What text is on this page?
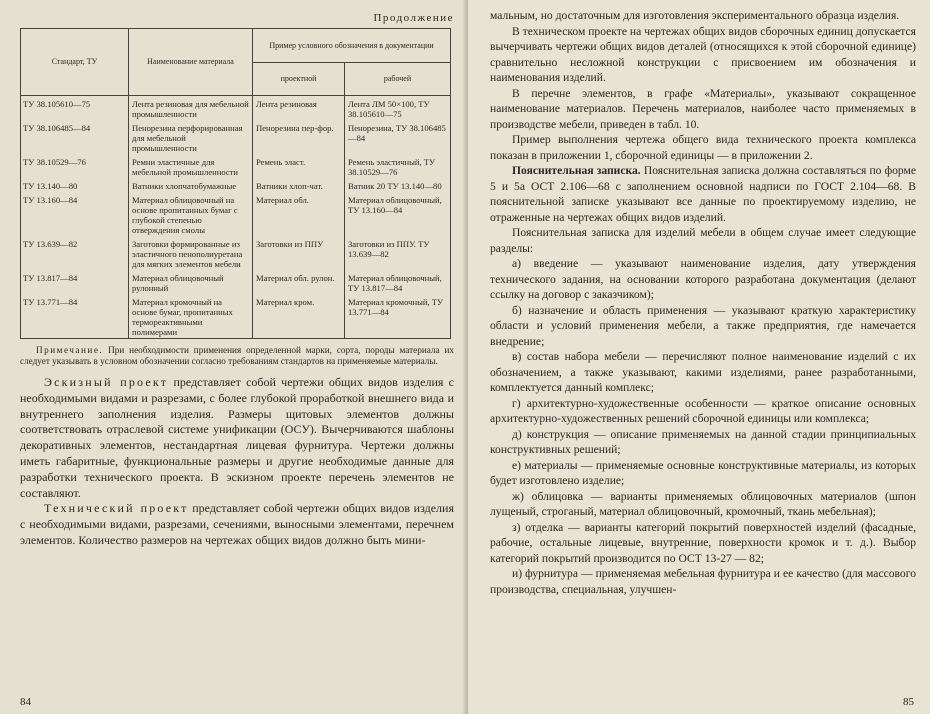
Продолжение
Стандарт, ТУ	Наименование материала	Пример условного обозначения в документации	
		проектной	рабочей
ТУ 38.105610—75	Лента резиновая для мебельной промышленности	Лента резиновая	Лента ЛМ 50×100, ТУ 38.105610—75
ТУ 38.106485—84	Пенорезина перфорированная для мебельной промышленности	Пенорезина пер-фор.	Пенорезина, ТУ 38.106485—84
ТУ 38.10529—76	Ремни эластичные для мебельной промышленности	Ремень эласт.	Ремень эластичный, ТУ 38.10529—76
ТУ 13.140—80	Ватники хлопчатобумажные	Ватники хлоп-чат.	Ватник 20 ТУ 13.140—80
ТУ 13.160—84	Материал облицовочный на основе пропитанных бумаг с глубокой степенью отверждения смолы	Материал обл.	Материал облицовочный, ТУ 13.160—84
ТУ 13.639—82	Заготовки формированные из эластичного пенополиуретана для мягких элементов мебели	Заготовки из ППУ	Заготовки из ППУ. ТУ 13.639—82
ТУ 13.817—84	Материал облицовочный рулонный	Материал обл. рулон.	Материал облицовочный, ТУ 13.817—84
ТУ 13.771—84	Материал кромочный на основе бумаг, пропитанных термореактивными полимерами	Материал кром.	Материал кромочный, ТУ 13.771—84

Примечание. При необходимости применения определенной марки, сорта, породы материала их следует указывать в условном обозначении согласно требованиям стандартов на применяемые материалы.

Эскизный проект представляет собой чертежи общих видов изделия с необходимыми видами и разрезами, с более глубокой проработкой внешнего вида и внутреннего заполнения изделия. Размеры щитовых элементов должны соответствовать отраслевой системе унификации (ОСУ). Вычерчиваются шаблоны декоративных элементов, нестандартная лицевая фурнитура. Чертежи должны иметь габаритные, функциональные размеры и другие необходимые данные для разработки технического проекта. В эскизном проекте перечень элементов не составляют.

Технический проект представляет собой чертежи общих видов изделия с необходимыми видами, разрезами, сечениями, выносными элементами, перечнем элементов. Количество размеров на чертежах общих видов должно быть мини-

84

мальным, но достаточным для изготовления экспериментального образца изделия.

В техническом проекте на чертежах общих видов сборочных единиц допускается вычерчивать чертежи общих видов деталей (относящихся к этой сборочной единице) сравнительно несложной конструкции с присвоением им обозначения и наименования изделий.

В перечне элементов, в графе «Материалы», указывают сокращенное наименование материалов. Перечень материалов, наиболее часто применяемых в производстве мебели, приведен в табл. 10.

Пример выполнения чертежа общего вида технического проекта комплекса показан в приложении 1, сборочной единицы — в приложении 2.

Пояснительная записка. Пояснительная записка должна составляться по форме 5 и 5а ОСТ 2.106—68 с заполнением основной надписи по ГОСТ 2.104—68. В пояснительной записке указывают все данные по проектируемому изделию, не отраженные на чертежах общих видов изделий.

Пояснительная записка для изделий мебели в общем случае имеет следующие разделы:

а) введение — указывают наименование изделия, дату утверждения технического задания, на основании которого разработана документация (делают ссылку на договор с заказчиком);

б) назначение и область применения — указывают краткую характеристику области и условий применения мебели, а также предприятия, где намечается внедрение;

в) состав набора мебели — перечисляют полное наименование изделий с их обозначением, а также указывают, какими изделиями, ранее разработанными, комплектуется данный комплекс;

г) архитектурно-художественные особенности — краткое описание основных архитектурно-художественных решений сборочной единицы или комплекса;

д) конструкция — описание применяемых на данной стадии принципиальных конструктивных решений;

е) материалы — применяемые основные конструктивные материалы, из которых будет изготовлено изделие;

ж) облицовка — варианты применяемых облицовочных материалов (шпон лущеный, строганый, материал облицовочный, кромочный, ткань мебельная);

з) отделка — варианты категорий покрытий поверхностей изделий (фасадные, рабочие, остальные лицевые, внутренние, поверхности кромок и т. д.). Выбор категорий покрытий производится по ОСТ 13-27 — 82;

и) фурнитура — применяемая мебельная фурнитура и ее качество (для массового производства, специальная, улучшен-

85
